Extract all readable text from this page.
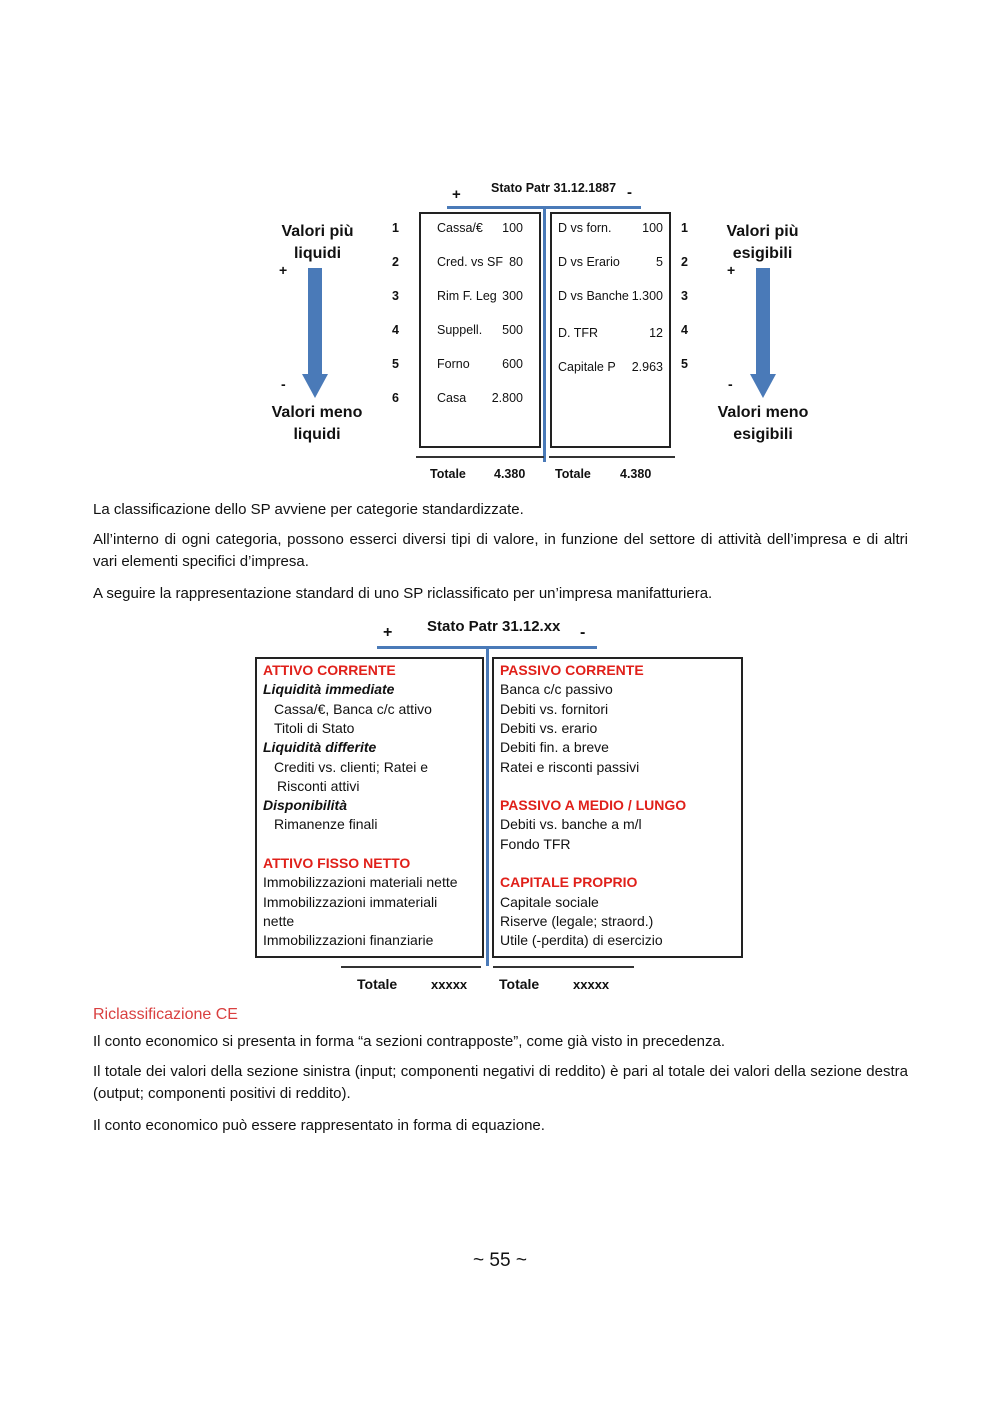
+ Stato Patr 31.12.1887 -
Valori più
liquidi
+
-
Valori meno
liquidi
1
2
3
4
5
6
Cassa/€	100
Cred. vs SF 80
Rim F. Leg 300
Suppell.	500
Forno	600
Casa	2.800
D vs forn.	100
D vs Erario	5
D vs Banche 1.300
D. TFR	12
Capitale P	2.963
1
2
3
4
5
Valori più
esigibili
+
-
Valori meno
esigibili
Totale 4.380 Totale 4.380
La classificazione dello SP avviene per categorie standardizzate.
All’interno di ogni categoria, possono esserci diversi tipi di valore, in funzione del settore di attività dell’impresa e di altri vari elementi specifici d’impresa.
A seguire la rappresentazione standard di uno SP riclassificato per un’impresa manifatturiera.
+ Stato Patr 31.12.xx -
ATTIVO CORRENTE
Liquidità immediate
Cassa/€, Banca c/c attivo
Titoli di Stato
Liquidità differite
Crediti vs. clienti; Ratei e
Risconti attivi
Disponibilità
Rimanenze finali
ATTIVO FISSO NETTO
Immobilizzazioni materiali nette
Immobilizzazioni immateriali
nette
Immobilizzazioni finanziarie
PASSIVO CORRENTE
Banca c/c passivo
Debiti vs. fornitori
Debiti vs. erario
Debiti fin. a breve
Ratei e risconti passivi
PASSIVO A MEDIO / LUNGO
Debiti vs. banche a m/l
Fondo TFR
CAPITALE PROPRIO
Capitale sociale
Riserve (legale; straord.)
Utile (-perdita) di esercizio
Totale	xxxxx Totale	xxxxx
Riclassificazione CE
Il conto economico si presenta in forma “a sezioni contrapposte”, come già visto in precedenza.
Il totale dei valori della sezione sinistra (input; componenti negativi di reddito) è pari al totale dei valori della sezione destra (output; componenti positivi di reddito).
Il conto economico può essere rappresentato in forma di equazione.
~ 55 ~
